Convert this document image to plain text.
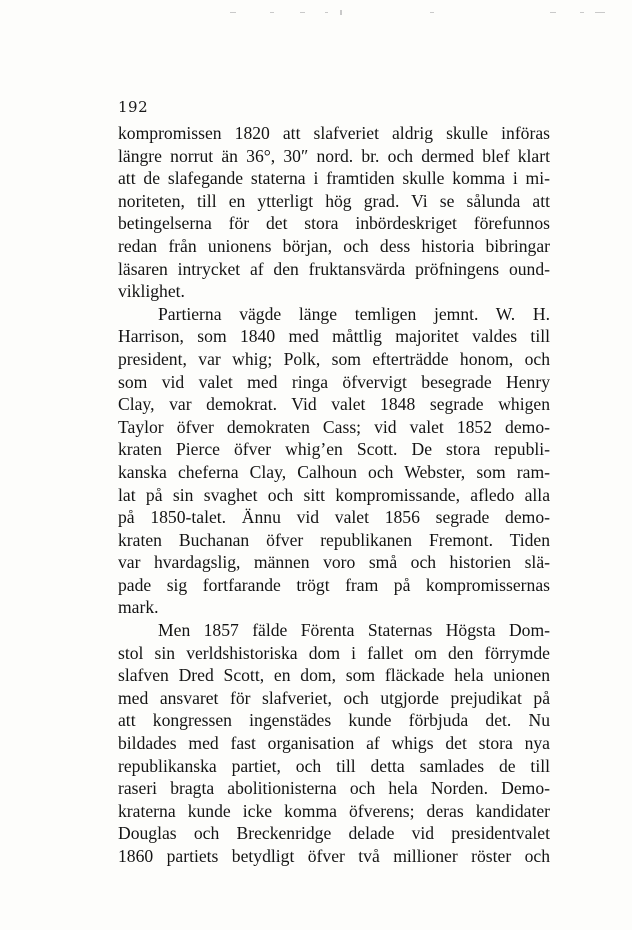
192
kompromissen 1820 att slafveriet aldrig skulle införas
längre norrut än 36°, 30″ nord. br. och dermed blef klart
att de slafegande staterna i framtiden skulle komma i mi-
noriteten, till en ytterligt hög grad. Vi se sålunda att
betingelserna för det stora inbördeskriget förefunnos
redan från unionens början, och dess historia bibringar
läsaren intrycket af den fruktansvärda pröfningens ound-
viklighet.
Partierna vägde länge temligen jemnt. W. H.
Harrison, som 1840 med måttlig majoritet valdes till
president, var whig; Polk, som efterträdde honom, och
som vid valet med ringa öfvervigt besegrade Henry
Clay, var demokrat. Vid valet 1848 segrade whigen
Taylor öfver demokraten Cass; vid valet 1852 demo-
kraten Pierce öfver whig’en Scott. De stora republi-
kanska cheferna Clay, Calhoun och Webster, som ram-
lat på sin svaghet och sitt kompromissande, afledo alla
på 1850-talet. Ännu vid valet 1856 segrade demo-
kraten Buchanan öfver republikanen Fremont. Tiden
var hvardagslig, männen voro små och historien slä-
pade sig fortfarande trögt fram på kompromissernas
mark.
Men 1857 fälde Förenta Staternas Högsta Dom-
stol sin verldshistoriska dom i fallet om den förrymde
slafven Dred Scott, en dom, som fläckade hela unionen
med ansvaret för slafveriet, och utgjorde prejudikat på
att kongressen ingenstädes kunde förbjuda det. Nu
bildades med fast organisation af whigs det stora nya
republikanska partiet, och till detta samlades de till
raseri bragta abolitionisterna och hela Norden. Demo-
kraterna kunde icke komma öfverens; deras kandidater
Douglas och Breckenridge delade vid presidentvalet
1860 partiets betydligt öfver två millioner röster och
